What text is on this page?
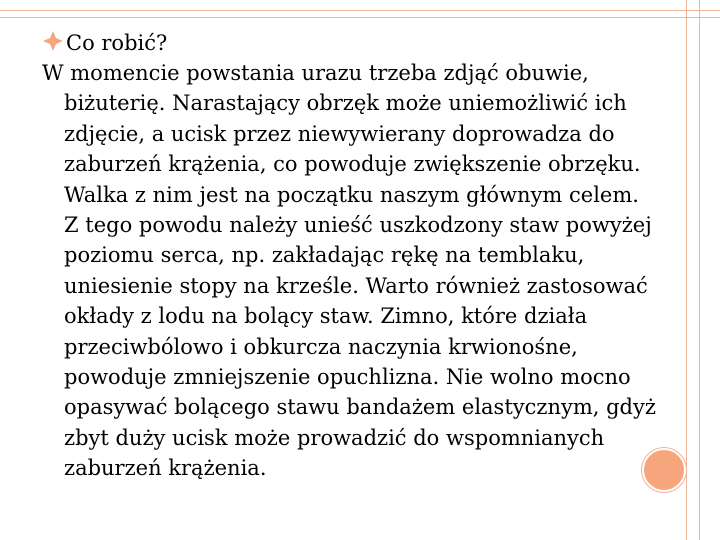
Co robić?
W momencie powstania urazu trzeba zdjąć obuwie,
biżuterię. Narastający obrzęk może uniemożliwić ich
zdjęcie, a ucisk przez niewywierany doprowadza do
zaburzeń krążenia, co powoduje zwiększenie obrzęku.
Walka z nim jest na początku naszym głównym celem.
Z tego powodu należy unieść uszkodzony staw powyżej
poziomu serca, np. zakładając rękę na temblaku,
uniesienie stopy na krześle. Warto również zastosować
okłady z lodu na bolący staw. Zimno, które działa
przeciwbólowo i obkurcza naczynia krwionośne,
powoduje zmniejszenie opuchlizna. Nie wolno mocno
opasywać bolącego stawu bandażem elastycznym, gdyż
zbyt duży ucisk może prowadzić do wspomnianych
zaburzeń krążenia.
